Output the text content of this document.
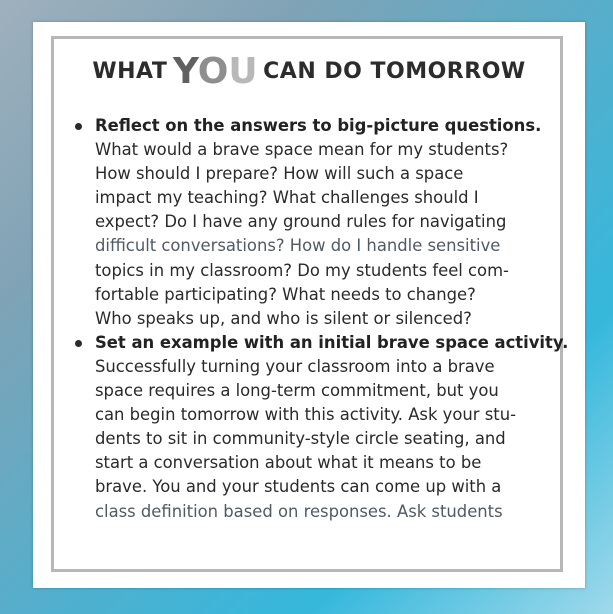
WHAT YOU CAN DO TOMORROW
Reflect on the answers to big-picture questions.
What would a brave space mean for my students?
How should I prepare? How will such a space
impact my teaching? What challenges should I
expect? Do I have any ground rules for navigating
difficult conversations? How do I handle sensitive
topics in my classroom? Do my students feel com-
fortable participating? What needs to change?
Who speaks up, and who is silent or silenced?
Set an example with an initial brave space activity.
Successfully turning your classroom into a brave
space requires a long-term commitment, but you
can begin tomorrow with this activity. Ask your stu-
dents to sit in community-style circle seating, and
start a conversation about what it means to be
brave. You and your students can come up with a
class definition based on responses. Ask students
